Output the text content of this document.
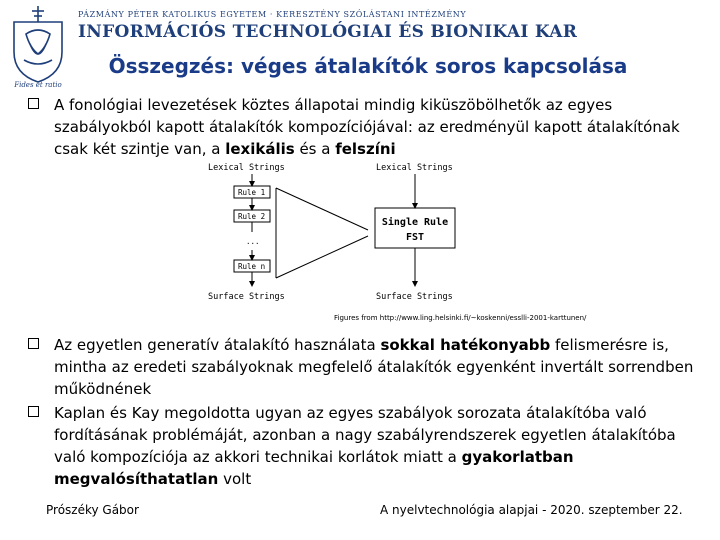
Fides et ratio
PÁZMÁNY PÉTER KATOLIKUS EGYETEM · KERESZTÉNY SZÓLÁSTANI INTÉZMÉNY
INFORMÁCIÓS TECHNOLÓGIAI ÉS BIONIKAI KAR
Összegzés: véges átalakítók soros kapcsolása
A fonológiai levezetések köztes állapotai mindig kiküszöbölhetők az egyes szabályokból kapott átalakítók kompozíciójával: az eredményül kapott átalakítónak csak két szintje van, a lexikális és a felszíni
Lexical Strings
Surface Strings
Lexical Strings
Surface Strings
Rule 1
Rule 2
...
Rule n
Single Rule
FST
Figures from http://www.ling.helsinki.fi/~koskenni/esslli-2001-karttunen/
Az egyetlen generatív átalakító használata sokkal hatékonyabb felismerésre is, mintha az eredeti szabályoknak megfelelő átalakítók egyenként invertált sorrendben működnének
Kaplan és Kay megoldotta ugyan az egyes szabályok sorozata átalakítóba való fordításának problémáját, azonban a nagy szabályrendszerek egyetlen átalakítóba való kompozíciója az akkori technikai korlátok miatt a gyakorlatban megvalósíthatatlan volt
Prószéky Gábor	A nyelvtechnológia alapjai - 2020. szeptember 22.
